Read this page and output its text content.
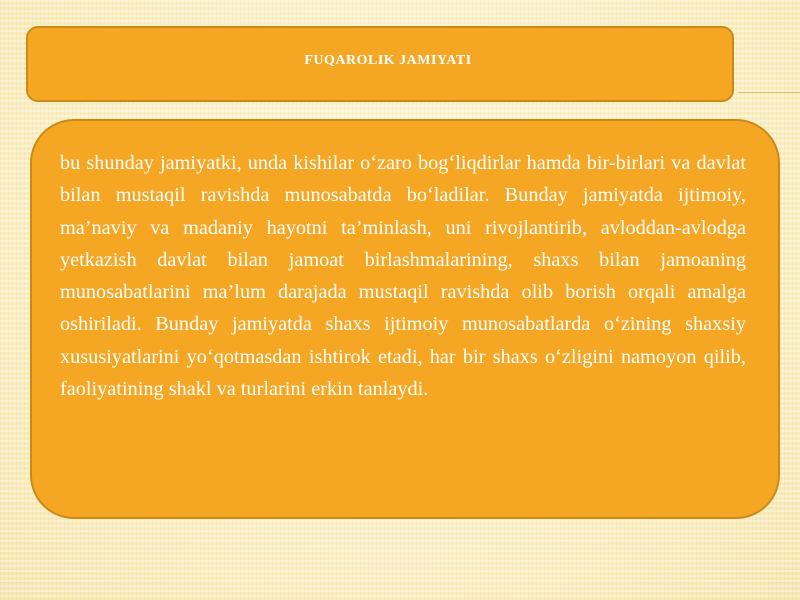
FUQAROLIK JAMIYATI

bu shunday jamiyatki, unda kishilar o‘zaro bog‘liqdirlar hamda bir-birlari va davlat bilan mustaqil ravishda munosabatda bo‘ladilar. Bunday jamiyatda ijtimoiy, ma’naviy va madaniy hayotni ta’minlash, uni rivojlantirib, avloddan-avlodga yetkazish davlat bilan jamoat birlashmalarining, shaxs bilan jamoaning munosabatlarini ma’lum darajada mustaqil ravishda olib borish orqali amalga oshiriladi. Bunday jamiyatda shaxs ijtimoiy munosabatlarda o‘zining shaxsiy xususiyatlarini yo‘qotmasdan ishtirok etadi, har bir shaxs o‘zligini namoyon qilib, faoliyatining shakl va turlarini erkin tanlaydi.
